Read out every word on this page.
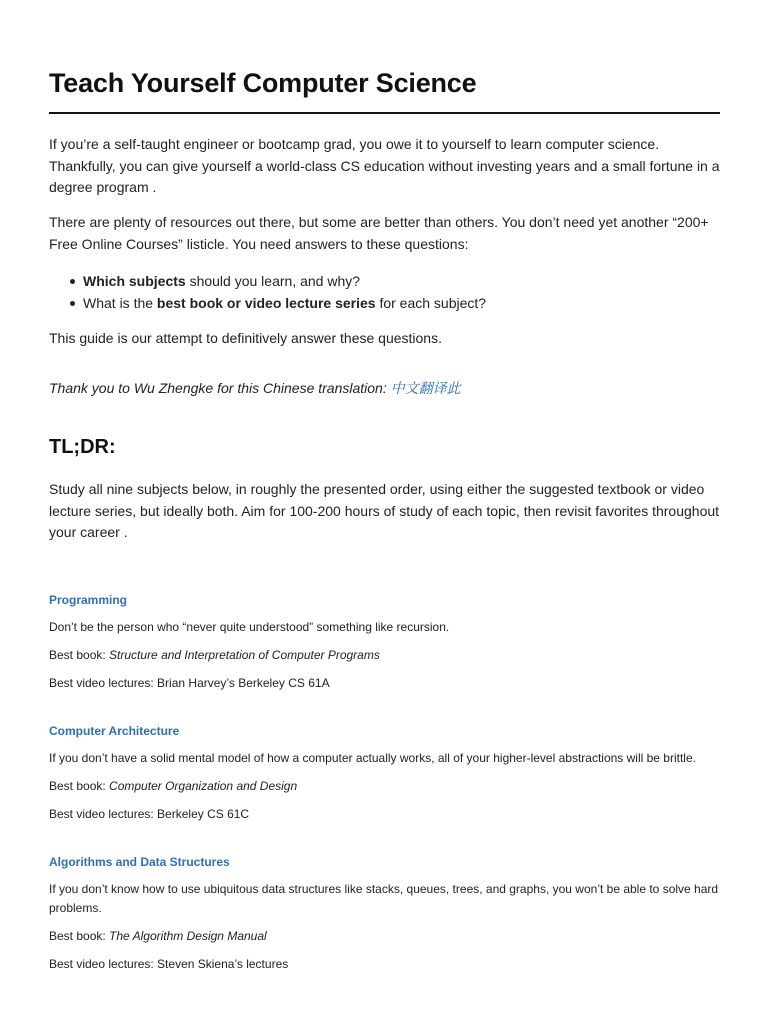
Teach Yourself Computer Science

If you’re a self-taught engineer or bootcamp grad, you owe it to yourself to learn computer science. Thankfully, you can give yourself a world-class CS education without investing years and a small fortune in a degree program .

There are plenty of resources out there, but some are better than others. You don’t need yet another “200+ Free Online Courses” listicle. You need answers to these questions:

Which subjects should you learn, and why?
What is the best book or video lecture series for each subject?

This guide is our attempt to definitively answer these questions.

Thank you to Wu Zhengke for this Chinese translation: 中文翻译此

TL;DR:

Study all nine subjects below, in roughly the presented order, using either the suggested textbook or video lecture series, but ideally both. Aim for 100-200 hours of study of each topic, then revisit favorites throughout your career .

Programming

Don’t be the person who “never quite understood” something like recursion.

Best book: Structure and Interpretation of Computer Programs

Best video lectures: Brian Harvey’s Berkeley CS 61A

Computer Architecture

If you don’t have a solid mental model of how a computer actually works, all of your higher-level abstractions will be brittle.

Best book: Computer Organization and Design

Best video lectures: Berkeley CS 61C

Algorithms and Data Structures

If you don’t know how to use ubiquitous data structures like stacks, queues, trees, and graphs, you won’t be able to solve hard problems.

Best book: The Algorithm Design Manual

Best video lectures: Steven Skiena’s lectures
